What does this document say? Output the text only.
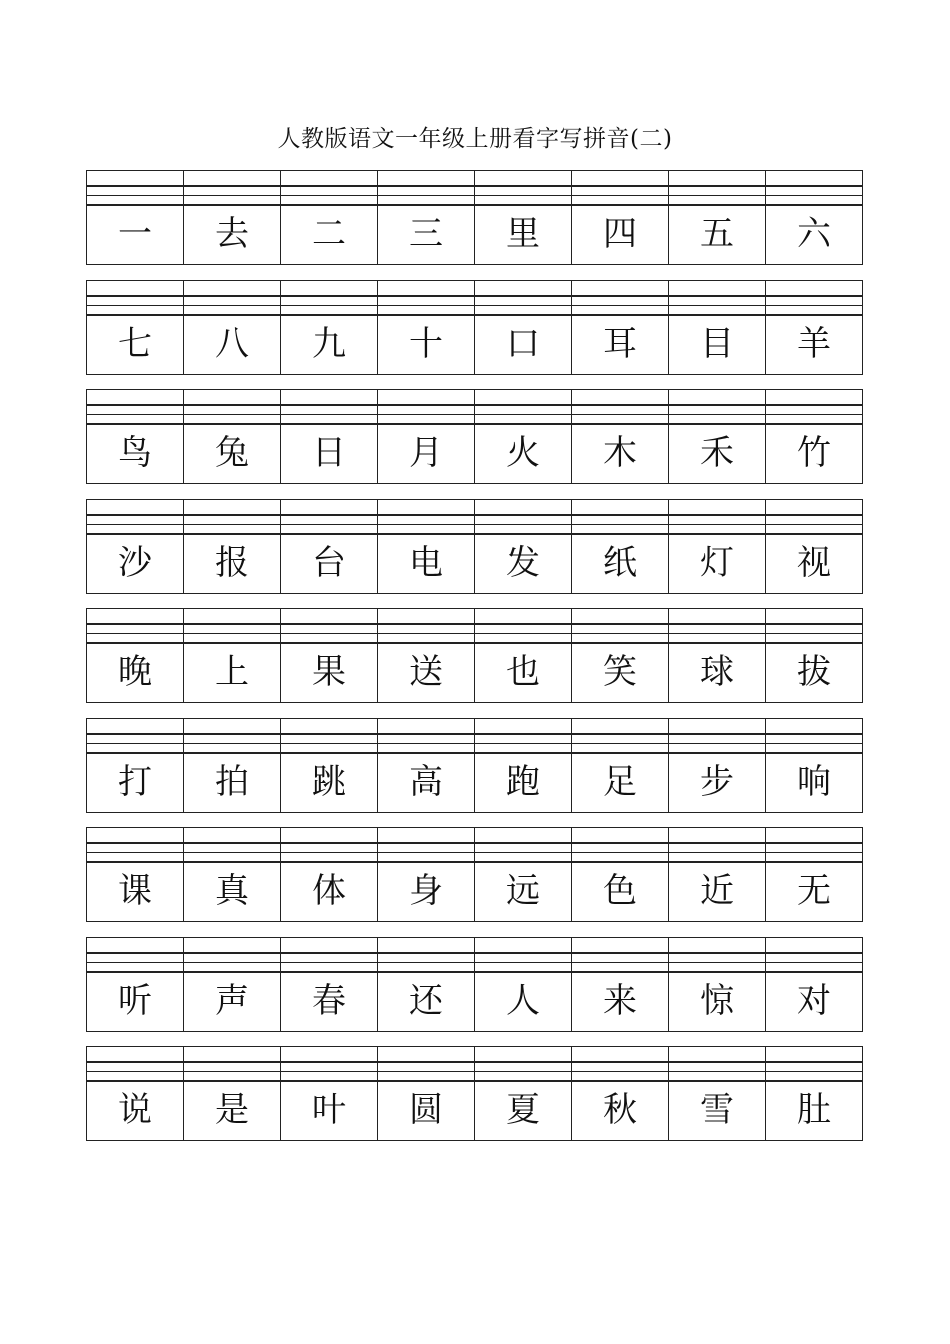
人教版语文一年级上册看字写拼音(二)
一 去 二 三 里 四 五 六
七 八 九 十 口 耳 目 羊
鸟 兔 日 月 火 木 禾 竹
沙 报 台 电 发 纸 灯 视
晚 上 果 送 也 笑 球 拔
打 拍 跳 高 跑 足 步 响
课 真 体 身 远 色 近 无
听 声 春 还 人 来 惊 对
说 是 叶 圆 夏 秋 雪 肚
